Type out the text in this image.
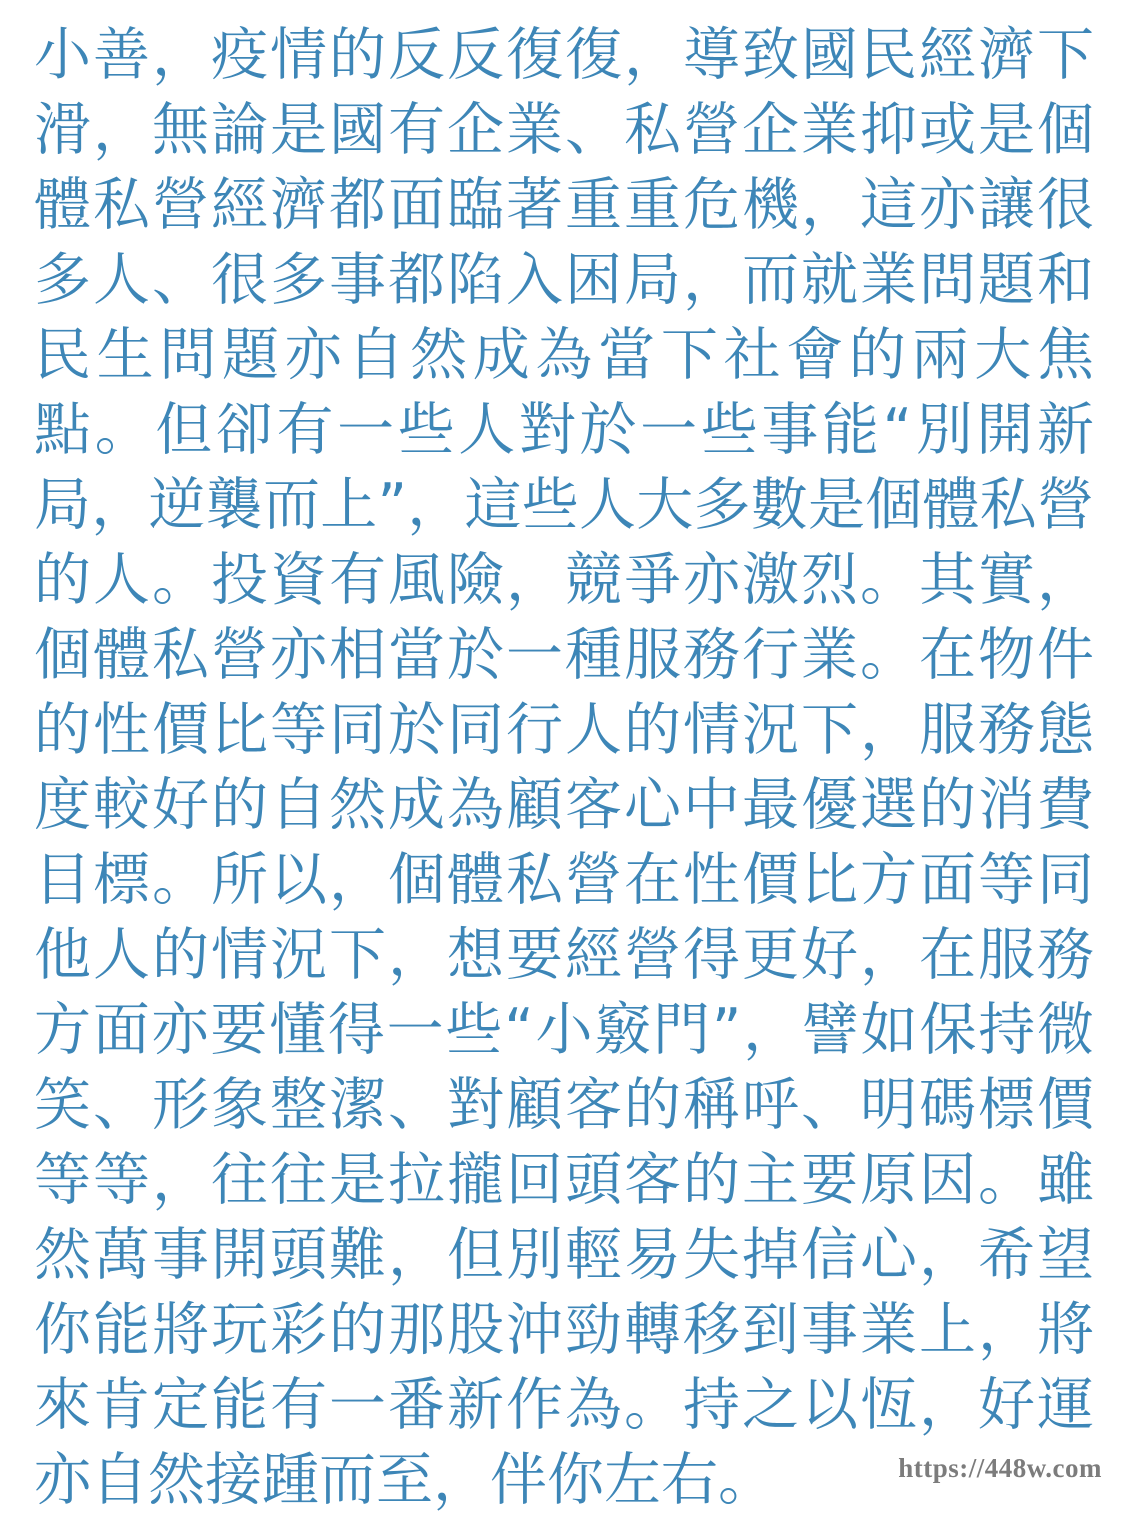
小善，疫情的反反復復，導致國民經濟下滑，無論是國有企業、私營企業抑或是個體私營經濟都面臨著重重危機，這亦讓很多人、很多事都陷入困局，而就業問題和民生問題亦自然成為當下社會的兩大焦點。但卻有一些人對於一些事能“別開新局，逆襲而上”，這些人大多數是個體私營的人。投資有風險，競爭亦激烈。其實，個體私營亦相當於一種服務行業。在物件的性價比等同於同行人的情況下，服務態度較好的自然成為顧客心中最優選的消費目標。所以，個體私營在性價比方面等同他人的情況下，想要經營得更好，在服務方面亦要懂得一些“小竅門”，譬如保持微笑、形象整潔、對顧客的稱呼、明碼標價等等，往往是拉攏回頭客的主要原因。雖然萬事開頭難，但別輕易失掉信心，希望你能將玩彩的那股沖勁轉移到事業上，將來肯定能有一番新作為。持之以恆，好運亦自然接踵而至，伴你左右。	https://448w.com
